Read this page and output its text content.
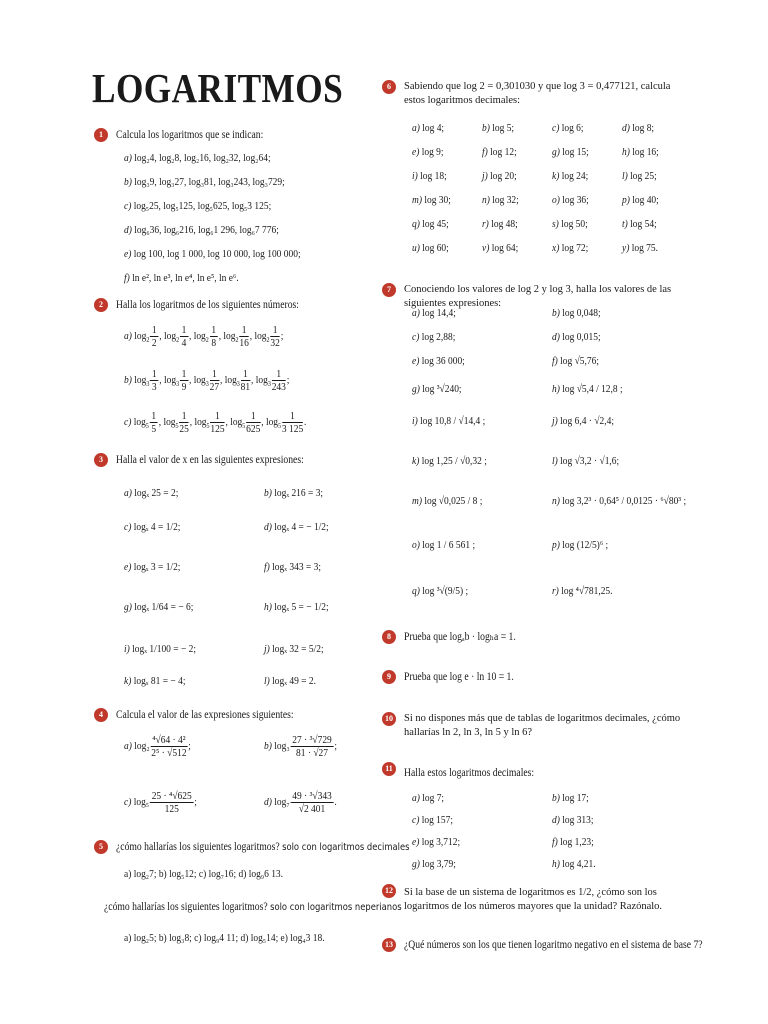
LOGARITMOS
1	Calcula los logaritmos que se indican:
a) log₂4, log₂8, log₂16, log₂32, log₂64;
b) log₃9, log₃27, log₃81, log₃243, log₃729;
c) log₅25, log₅125, log₅625, log₅3 125;
d) log₆36, log₆216, log₆1 296, log₆7 776;
e) log 100, log 1 000, log 10 000, log 100 000;
f) ln e², ln e³, ln e⁴, ln e⁵, ln e⁶.
2	Halla los logaritmos de los siguientes números:
a) $\log_2 \frac{1}{2}$ , $\log_2 \frac{1}{4}$ , $\log_2 \frac{1}{8}$ , $\log_2 \frac{1}{16}$ , $\log_2 \frac{1}{32}$ ;
b) $\log_3 \frac{1}{3}$ , $\log_3 \frac{1}{9}$ , $\log_3 \frac{1}{27}$ , $\log_3 \frac{1}{81}$ , $\log_3 \frac{1}{243}$ ;
c) $\log_5 \frac{1}{5}$ , $\log_5 \frac{1}{25}$ , $\log_5 \frac{1}{125}$ , $\log_5 \frac{1}{625}$ , $\log_5 \frac{1}{3 125}$ .
3	Halla el valor de x en las siguientes expresiones:
a) logₓ 25 = 2;	b) logₓ 216 = 3;
c) logₓ 4 = 1/2;	d) logₓ 4 = − 1/2;
e) logₓ 3 = 1/2;	f) logₓ 343 = 3;
g) logₓ 1/64 = − 6;	h) logₓ 5 = − 1/2;
i) logₓ 1/100 = − 2;	j) logₓ 32 = 5/2;
k) logₓ 81 = − 4;	l) logₓ 49 = 2.
4	Calcula el valor de las expresiones siguientes:
a) $\log_2 \frac{\text{⁴√64 · 4²}}{\text{2⁵ · √512}}$ ;	b) $\log_3 \frac{\text{27 · ³√729}}{81 \cdot √27}$ ;
c) $\log_5 \frac{\text{25 · ⁴√625}}{125}$ ;	d) $\log_7 \frac{\text{49 · ³√343}}{√2 401}$ .
5	¿cómo hallarías los siguientes logaritmos? solo con logaritmos decimales
a) log₂7; b) log₅12; c) log₇16; d) log₉6 13.
¿cómo hallarías los siguientes logaritmos? solo con logaritmos neperianos
a) log₂5; b) log₃8; c) log₉4 11; d) log₅14; e) log₄3 18.
6	Sabiendo que log 2 = 0,301030 y que log 3 = 0,477121, calcula estos logaritmos decimales:
a) log 4;	b) log 5;	c) log 6;	d) log 8;
e) log 9;	f) log 12;	g) log 15;	h) log 16;
i) log 18;	j) log 20;	k) log 24;	l) log 25;
m) log 30;	n) log 32;	o) log 36;	p) log 40;
q) log 45;	r) log 48;	s) log 50;	t) log 54;
u) log 60;	v) log 64;	x) log 72;	y) log 75.
7	Conociendo los valores de log 2 y log 3, halla los valores de las siguientes expresiones:
a) log 14,4;	b) log 0,048;
c) log 2,88;	d) log 0,015;
e) log 36 000;	f) log √5,76;
g) log ³√240;	h) log √5,4 / 12,8 ;
i) log 10,8 / √14,4 ;	j) log 6,4 · √2,4;
k) log 1,25 / √0,32 ;	l) log √3,2 · √1,6;
m) log √0,025 / 8 ;	n) log 3,2³ · 0,64⁵ / 0,0125 · ⁶√80³ ;
o) log 1 / 6 561 ;	p) log (12/5)⁶ ;
q) log ³√(9/5) ;	r) log ⁴√781,25.
8	Prueba que logₐb · logₕa = 1.
9	Prueba que log e · ln 10 = 1.
10 Si no dispones más que de tablas de logaritmos decimales, ¿cómo hallarías ln 2, ln 3, ln 5 y ln 6?
11 Halla estos logaritmos decimales:
a) log 7;	b) log 17;
c) log 157;	d) log 313;
e) log 3,712;	f) log 1,23;
g) log 3,79;	h) log 4,21.
12 Si la base de un sistema de logaritmos es 1/2, ¿cómo son los logaritmos de los números mayores que la unidad? Razónalo.
13 ¿Qué números son los que tienen logaritmo negativo en el sistema de base 7?
